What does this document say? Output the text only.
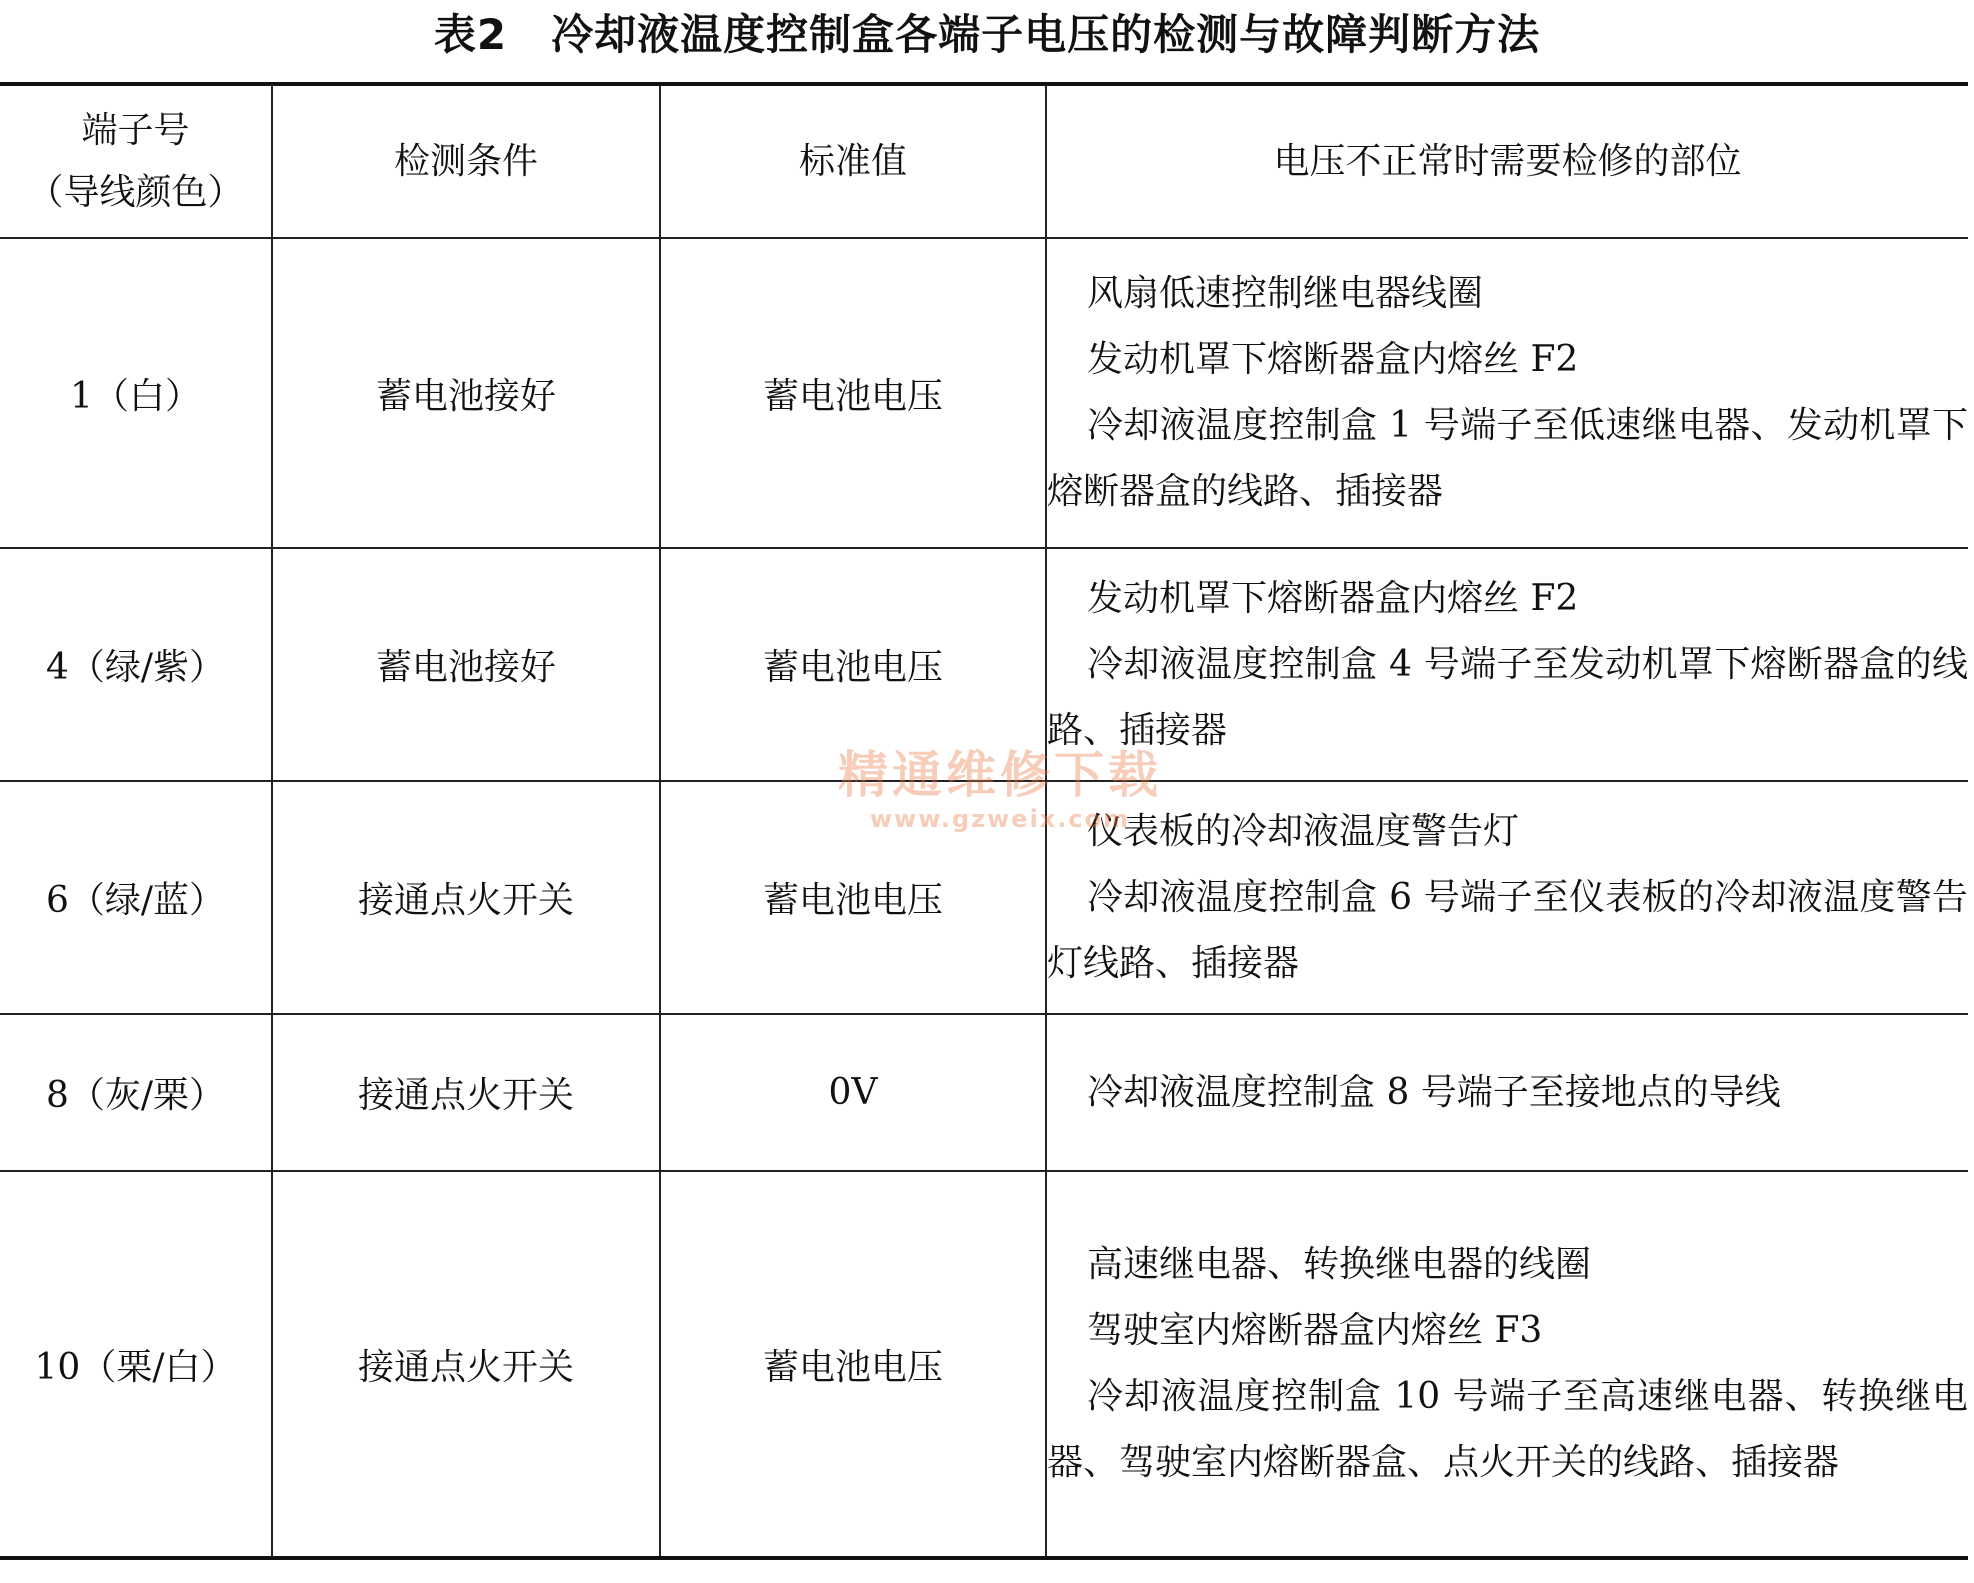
表2 冷却液温度控制盒各端子电压的检测与故障判断方法
端子号
（导线颜色）	检测条件	标准值	电压不正常时需要检修的部位
1（白）	蓄电池接好	蓄电池电压	风扇低速控制继电器线圈

发动机罩下熔断器盒内熔丝 F2

冷却液温度控制盒 1 号端子至低速继电器、发动机罩下熔断器盒的线路、插接器

4（绿/紫）	蓄电池接好	蓄电池电压	发动机罩下熔断器盒内熔丝 F2

冷却液温度控制盒 4 号端子至发动机罩下熔断器盒的线路、插接器

6（绿/蓝）	接通点火开关	蓄电池电压	仪表板的冷却液温度警告灯

冷却液温度控制盒 6 号端子至仪表板的冷却液温度警告灯线路、插接器

8（灰/栗）	接通点火开关	0V	冷却液温度控制盒 8 号端子至接地点的导线

10（栗/白）	接通点火开关	蓄电池电压	高速继电器、转换继电器的线圈

驾驶室内熔断器盒内熔丝 F3

冷却液温度控制盒 10 号端子至高速继电器、转换继电器、驾驶室内熔断器盒、点火开关的线路、插接器

精通维修下载
www.gzweix.com
